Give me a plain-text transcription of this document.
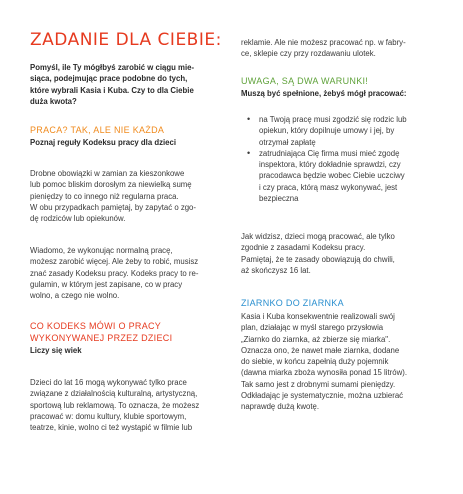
ZADANIE DLA CIEBIE:

Pomyśl, ile Ty mógłbyś zarobić w ciągu mie-

siąca, podejmując prace podobne do tych,

które wybrali Kasia i Kuba. Czy to dla Ciebie

duża kwota?

PRACA? TAK, ALE NIE KAŻDA

Poznaj reguły Kodeksu pracy dla dzieci

Drobne obowiązki w zamian za kieszonkowe

lub pomoc bliskim dorosłym za niewielką sumę

pieniędzy to co innego niż regularna praca.

W obu przypadkach pamiętaj, by zapytać o zgo-

dę rodziców lub opiekunów.

Wiadomo, że wykonując normalną pracę,

możesz zarobić więcej. Ale żeby to robić, musisz

znać zasady Kodeksu pracy. Kodeks pracy to re-

gulamin, w którym jest zapisane, co w pracy

wolno, a czego nie wolno.

CO KODEKS MÓWI O PRACY

WYKONYWANEJ PRZEZ DZIECI

Liczy się wiek

Dzieci do lat 16 mogą wykonywać tylko prace

związane z działalnością kulturalną, artystyczną,

sportową lub reklamową. To oznacza, że możesz

pracować w: domu kultury, klubie sportowym,

teatrze, kinie, wolno ci też wystąpić w filmie lub

reklamie. Ale nie możesz pracować np. w fabry-

ce, sklepie czy przy rozdawaniu ulotek.

UWAGA, SĄ DWA WARUNKI!

Muszą być spełnione, żebyś mógł pracować:

• na Twoją pracę musi zgodzić się rodzic lub

opiekun, który dopilnuje umowy i jej, by

otrzymał zapłatę

• zatrudniająca Cię firma musi mieć zgodę

inspektora, który dokładnie sprawdzi, czy

pracodawca będzie wobec Ciebie uczciwy

i czy praca, którą masz wykonywać, jest

bezpieczna

Jak widzisz, dzieci mogą pracować, ale tylko

zgodnie z zasadami Kodeksu pracy.

Pamiętaj, że te zasady obowiązują do chwili,

aż skończysz 16 lat.

ZIARNKO DO ZIARNKA

Kasia i Kuba konsekwentnie realizowali swój

plan, działając w myśl starego przysłowia

„Ziarnko do ziarnka, aż zbierze się miarka".

Oznacza ono, że nawet małe ziarnka, dodane

do siebie, w końcu zapełnią duży pojemnik

(dawna miarka zboża wynosiła ponad 15 litrów).

Tak samo jest z drobnymi sumami pieniędzy.

Odkładając je systematycznie, można uzbierać

naprawdę dużą kwotę.
